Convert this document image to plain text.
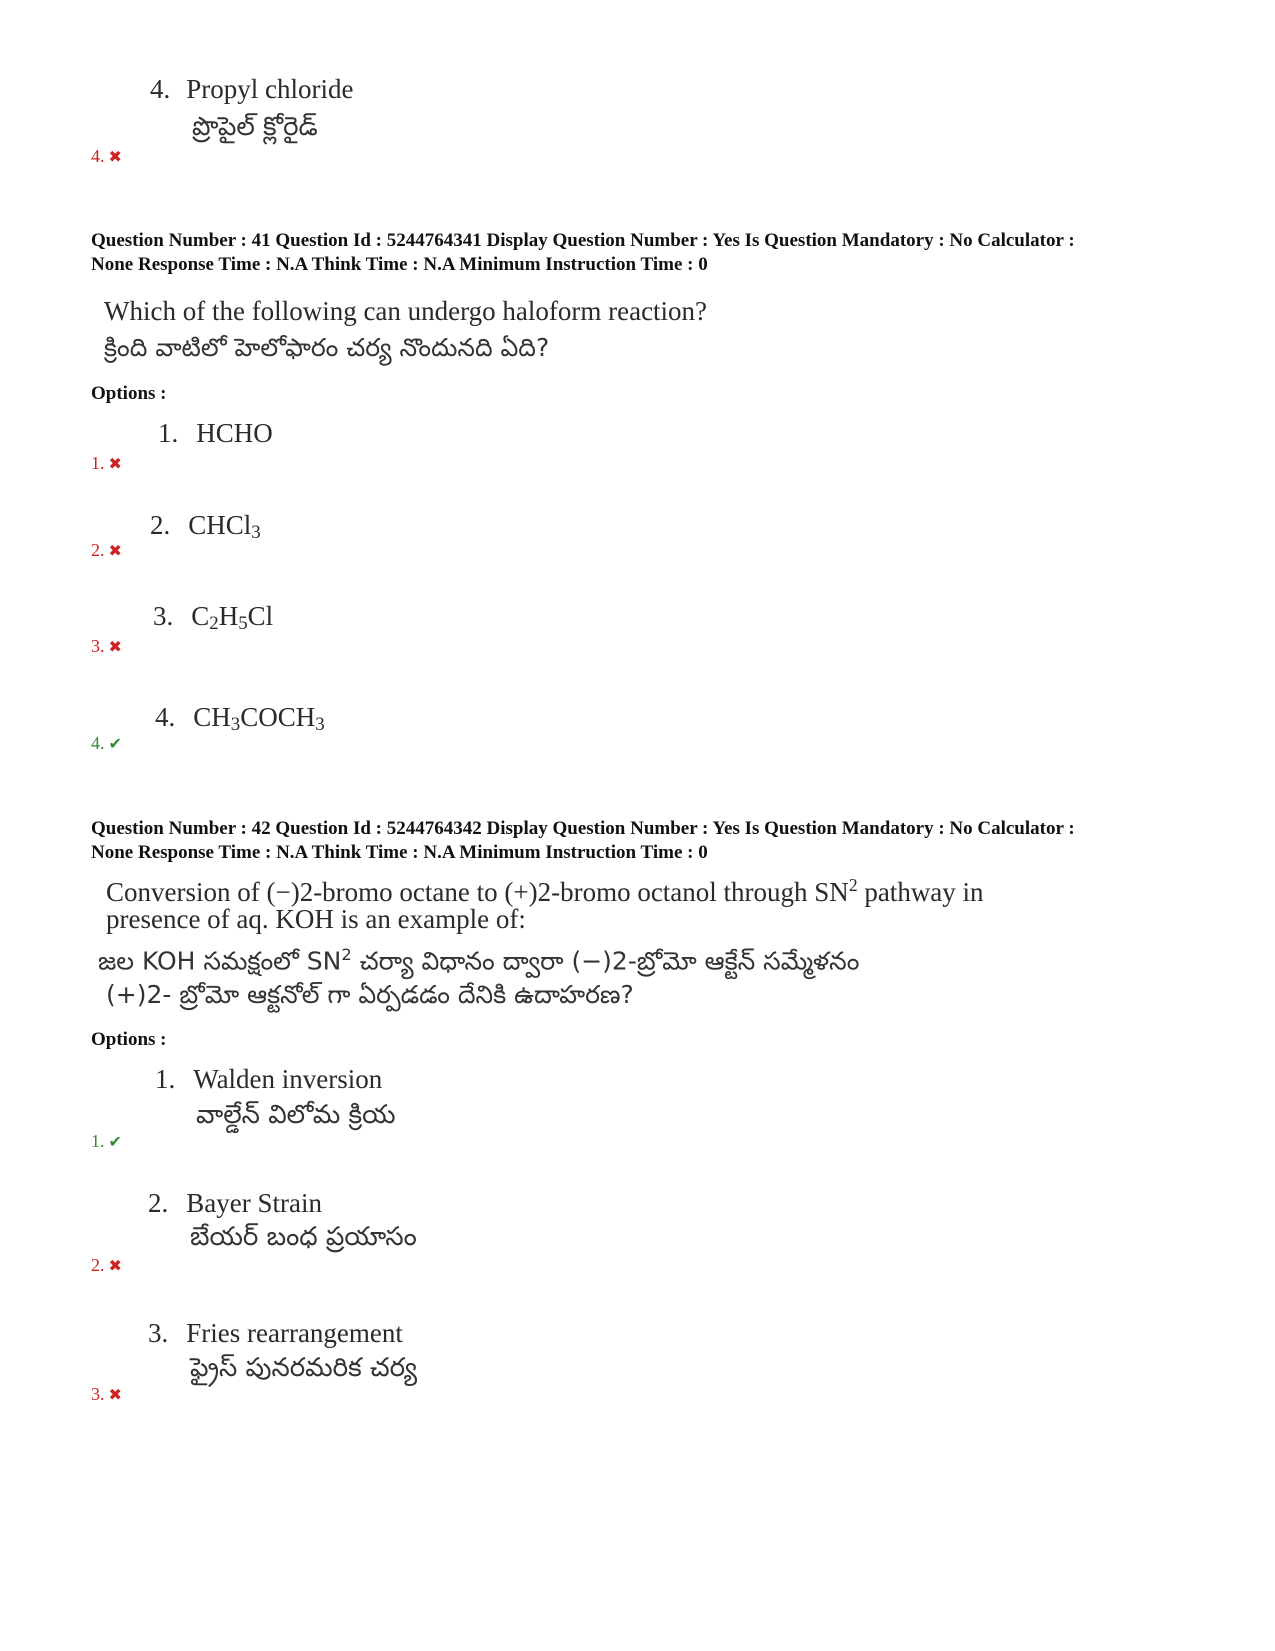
4. Propyl chloride
ప్రొపైల్ క్లోరైడ్
4. ✖
Question Number : 41 Question Id : 5244764341 Display Question Number : Yes Is Question Mandatory : No Calculator :
None Response Time : N.A Think Time : N.A Minimum Instruction Time : 0
Which of the following can undergo haloform reaction?
క్రింది వాటిలో హెలోఫారం చర్య నొందునది ఏది?
Options :
1. HCHO
1. ✖
2. CHCl$_3$
2. ✖
3. $C_2H_5Cl$
3. ✖
4. $CH_3COCH_3$
4. ✔
Question Number : 42 Question Id : 5244764342 Display Question Number : Yes Is Question Mandatory : No Calculator :
None Response Time : N.A Think Time : N.A Minimum Instruction Time : 0
Conversion of (−)2-bromo octane to (+)2-bromo octanol through $SN^2$ pathway in
presence of aq. KOH is an example of:
జల KOH సమక్షంలో $SN^2$ చర్యా విధానం ద్వారా (−)2-బ్రోమో ఆక్టేన్ సమ్మేళనం
(+)2- బ్రోమో ఆక్టనోల్ గా ఏర్పడడం దేనికి ఉదాహరణ?
Options :
1. Walden inversion
వాల్డేన్ విలోమ క్రియ
1. ✔
2. Bayer Strain
బేయర్ బంధ ప్రయాసం
2. ✖
3. Fries rearrangement
ఫ్రైస్ పునరమరిక చర్య
3. ✖
